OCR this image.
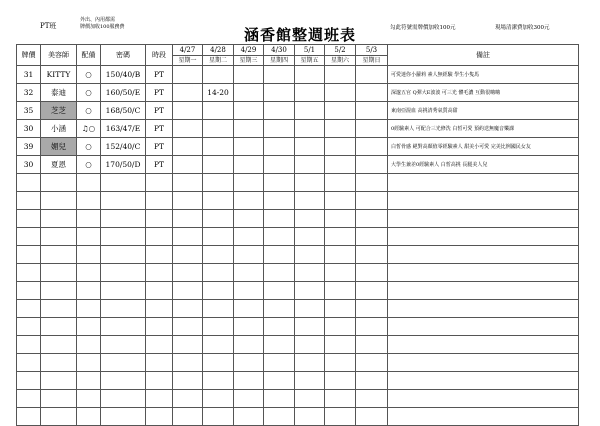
PT班
外出、內用都需
牌價加收100服務費	涵香館整週班表	勾此符號需牌價加收100元	現場清潔費加收300元
牌價	美容師	配備	密碼	時段	4/27	4/28	4/29	4/30	5/1	5/2	5/3	備註
					星期一	星期二	星期三	星期四	星期五	星期六	星期日	
31	KITTY	○	150/40/B	PT								可愛迷你小蘿莉 素人無經驗 學生小隻馬
32	泰迪	○	160/50/E	PT		14-20						深邃五官 Q彈大E波波 可三光 體毛濃 互動很嗨嗨
35	芝芝	○	168/50/C	PT								東南亞混血 高挑清秀氣質高甜
30	小涵	♫○	163/47/E	PT								0經驗素人 可配合三光修洗 白皙可愛 預約送無魔音樂課
39	媚兒	○	152/40/C	PT								白皙骨感 絕對高顏值零經驗素人 甜美小可愛 完美比例國民女友
30	夏恩	○	170/50/D	PT								大學生兼差0經驗素人 白皙高挑 長腿美人兒
